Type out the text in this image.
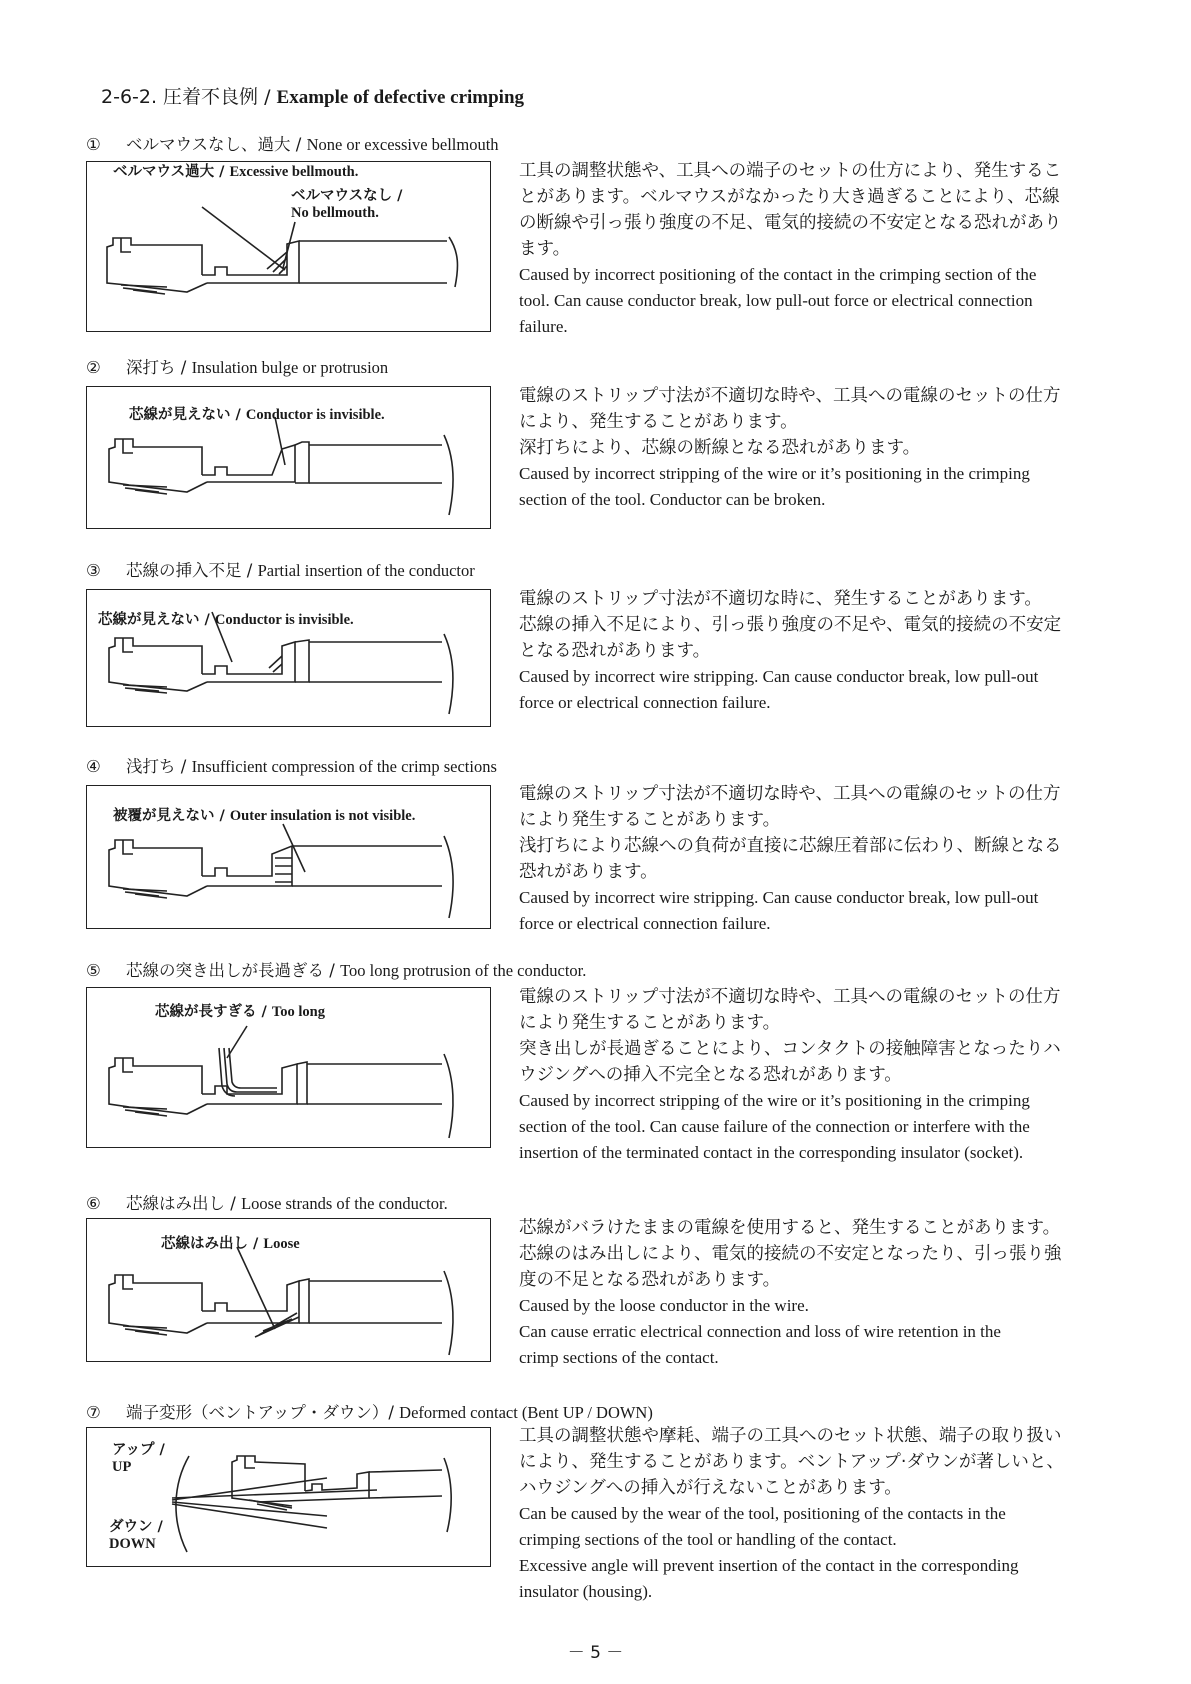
2-6-2. 圧着不良例 / Example of defective crimping
① ベルマウスなし、過大 / None or excessive bellmouth
ベルマウス過大 / Excessive bellmouth.
ベルマウスなし /
No bellmouth.
工具の調整状態や、工具への端子のセットの仕方により、発生するこ
とがあります。ベルマウスがなかったり大き過ぎることにより、芯線
の断線や引っ張り強度の不足、電気的接続の不安定となる恐れがあり
ます。
Caused by incorrect positioning of the contact in the crimping section of the
tool. Can cause conductor break, low pull-out force or electrical connection
failure.
② 深打ち / Insulation bulge or protrusion
芯線が見えない / Conductor is invisible.
電線のストリップ寸法が不適切な時や、工具への電線のセットの仕方
により、発生することがあります。
深打ちにより、芯線の断線となる恐れがあります。
Caused by incorrect stripping of the wire or it’s positioning in the crimping
section of the tool. Conductor can be broken.
③ 芯線の挿入不足 / Partial insertion of the conductor
芯線が見えない / Conductor is invisible.
電線のストリップ寸法が不適切な時に、発生することがあります。
芯線の挿入不足により、引っ張り強度の不足や、電気的接続の不安定
となる恐れがあります。
Caused by incorrect wire stripping. Can cause conductor break, low pull-out
force or electrical connection failure.
④ 浅打ち / Insufficient compression of the crimp sections
被覆が見えない / Outer insulation is not visible.
電線のストリップ寸法が不適切な時や、工具への電線のセットの仕方
により発生することがあります。
浅打ちにより芯線への負荷が直接に芯線圧着部に伝わり、断線となる
恐れがあります。
Caused by incorrect wire stripping. Can cause conductor break, low pull-out
force or electrical connection failure.
⑤ 芯線の突き出しが長過ぎる / Too long protrusion of the conductor.
芯線が長すぎる / Too long
電線のストリップ寸法が不適切な時や、工具への電線のセットの仕方
により発生することがあります。
突き出しが長過ぎることにより、コンタクトの接触障害となったりハ
ウジングへの挿入不完全となる恐れがあります。
Caused by incorrect stripping of the wire or it’s positioning in the crimping
section of the tool. Can cause failure of the connection or interfere with the
insertion of the terminated contact in the corresponding insulator (socket).
⑥ 芯線はみ出し / Loose strands of the conductor.
芯線はみ出し / Loose
芯線がバラけたままの電線を使用すると、発生することがあります。
芯線のはみ出しにより、電気的接続の不安定となったり、引っ張り強
度の不足となる恐れがあります。
Caused by the loose conductor in the wire.
Can cause erratic electrical connection and loss of wire retention in the
crimp sections of the contact.
⑦ 端子変形（ベントアップ・ダウン）/ Deformed contact (Bent UP / DOWN)
アップ /
UP
ダウン /
DOWN
工具の調整状態や摩耗、端子の工具へのセット状態、端子の取り扱い
により、発生することがあります。ベントアップ·ダウンが著しいと、
ハウジングへの挿入が行えないことがあります。
Can be caused by the wear of the tool, positioning of the contacts in the
crimping sections of the tool or handling of the contact.
Excessive angle will prevent insertion of the contact in the corresponding
insulator (housing).
－ 5 －
